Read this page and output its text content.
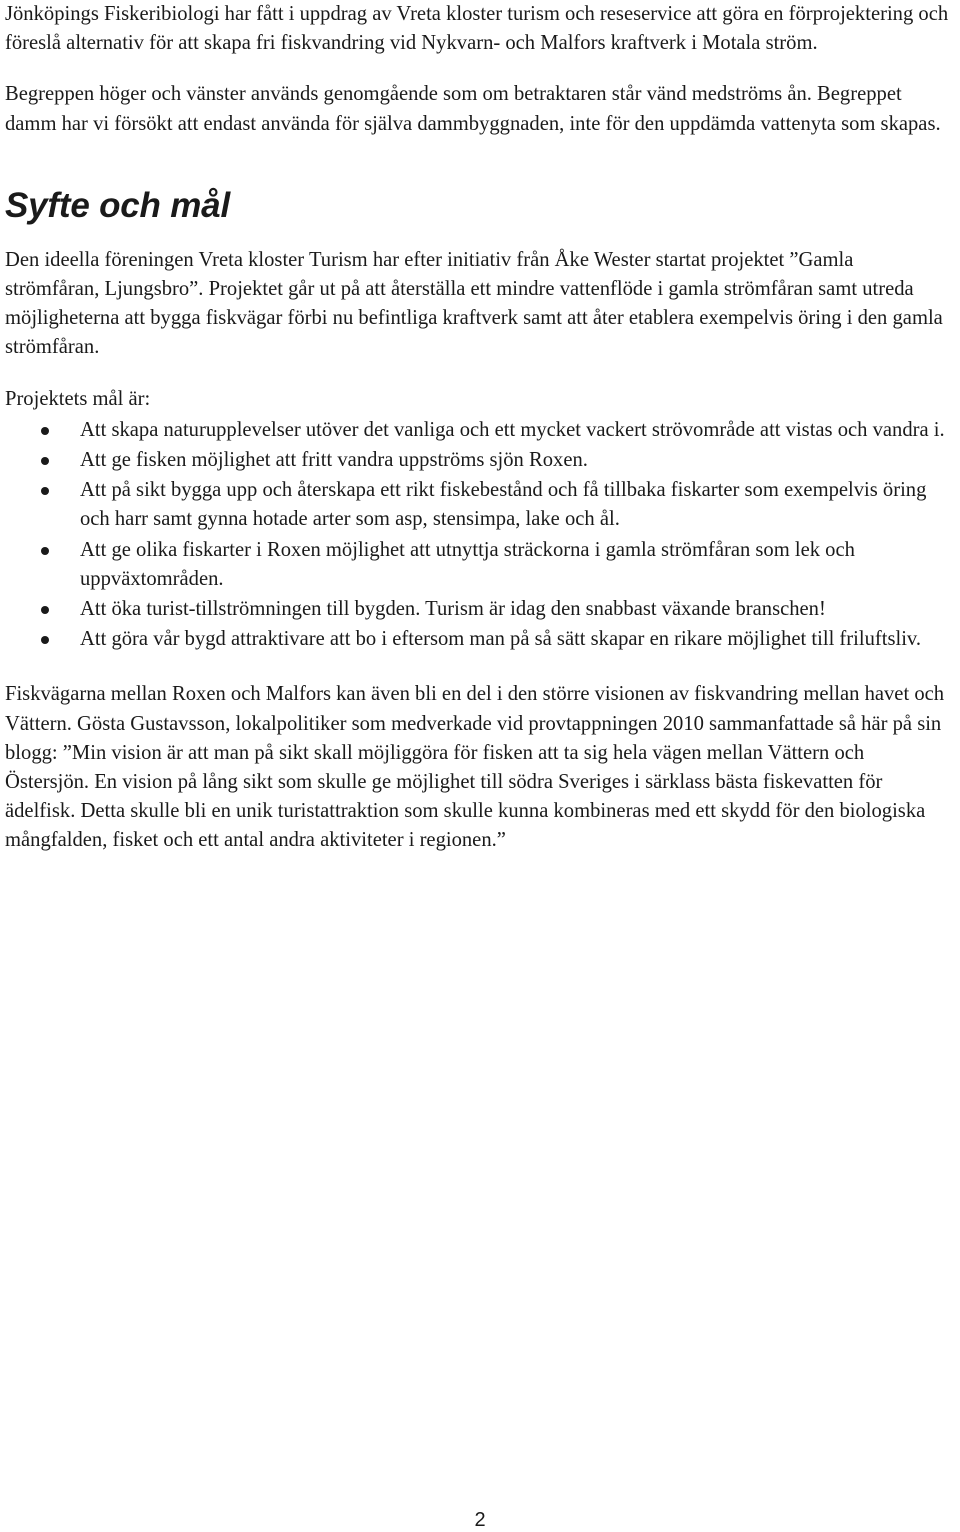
Jönköpings Fiskeribiologi har fått i uppdrag av Vreta kloster turism och reseservice att göra en förprojektering och föreslå alternativ för att skapa fri fiskvandring vid Nykvarn- och Malfors kraftverk i Motala ström.

Begreppen höger och vänster används genomgående som om betraktaren står vänd medströms ån. Begreppet damm har vi försökt att endast använda för själva dammbyggnaden, inte för den uppdämda vattenyta som skapas.

Syfte och mål

Den ideella föreningen Vreta kloster Turism har efter initiativ från Åke Wester startat projektet ”Gamla strömfåran, Ljungsbro”. Projektet går ut på att återställa ett mindre vattenflöde i gamla strömfåran samt utreda möjligheterna att bygga fiskvägar förbi nu befintliga kraftverk samt att åter etablera exempelvis öring i den gamla strömfåran.

Projektets mål är:

Att skapa naturupplevelser utöver det vanliga och ett mycket vackert strövområde att vistas och vandra i.
Att ge fisken möjlighet att fritt vandra uppströms sjön Roxen.
Att på sikt bygga upp och återskapa ett rikt fiskebestånd och få tillbaka fiskarter som exempelvis öring och harr samt gynna hotade arter som asp, stensimpa, lake och ål.
Att ge olika fiskarter i Roxen möjlighet att utnyttja sträckorna i gamla strömfåran som lek och uppväxtområden.
Att öka turist-tillströmningen till bygden. Turism är idag den snabbast växande branschen!
Att göra vår bygd attraktivare att bo i eftersom man på så sätt skapar en rikare möjlighet till friluftsliv.

Fiskvägarna mellan Roxen och Malfors kan även bli en del i den större visionen av fiskvandring mellan havet och Vättern. Gösta Gustavsson, lokalpolitiker som medverkade vid provtappningen 2010 sammanfattade så här på sin blogg: ”Min vision är att man på sikt skall möjliggöra för fisken att ta sig hela vägen mellan Vättern och Östersjön. En vision på lång sikt som skulle ge möjlighet till södra Sveriges i särklass bästa fiskevatten för ädelfisk. Detta skulle bli en unik turistattraktion som skulle kunna kombineras med ett skydd för den biologiska mångfalden, fisket och ett antal andra aktiviteter i regionen.”

2
